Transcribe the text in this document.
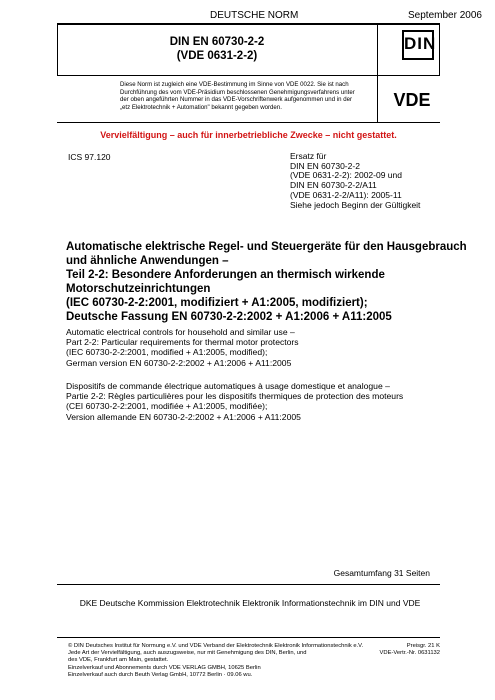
DEUTSCHE NORM	September 2006
DIN EN 60730-2-2
(VDE 0631-2-2)
DIN
Diese Norm ist zugleich eine VDE-Bestimmung im Sinne von VDE 0022. Sie ist nach
Durchführung des vom VDE-Präsidium beschlossenen Genehmigungsverfahrens unter
der oben angeführten Nummer in das VDE-Vorschriftenwerk aufgenommen und in der
„etz Elektrotechnik + Automation" bekannt gegeben worden.	VDE
Vervielfältigung – auch für innerbetriebliche Zwecke – nicht gestattet.
ICS 97.120	Ersatz für
DIN EN 60730-2-2
(VDE 0631-2-2): 2002-09 und
DIN EN 60730-2-2/A11
(VDE 0631-2-2/A11): 2005-11
Siehe jedoch Beginn der Gültigkeit
Automatische elektrische Regel- und Steuergeräte für den Hausgebrauch
und ähnliche Anwendungen –
Teil 2-2: Besondere Anforderungen an thermisch wirkende
Motorschutzeinrichtungen
(IEC 60730-2-2:2001, modifiziert + A1:2005, modifiziert);
Deutsche Fassung EN 60730-2-2:2002 + A1:2006 + A11:2005
Automatic electrical controls for household and similar use –
Part 2-2: Particular requirements for thermal motor protectors
(IEC 60730-2-2:2001, modified + A1:2005, modified);
German version EN 60730-2-2:2002 + A1:2006 + A11:2005
Dispositifs de commande électrique automatiques à usage domestique et analogue –
Partie 2-2: Règles particulières pour les dispositifs thermiques de protection des moteurs
(CEI 60730-2-2:2001, modifiée + A1:2005, modifiée);
Version allemande EN 60730-2-2:2002 + A1:2006 + A11:2005
Gesamtumfang 31 Seiten
DKE Deutsche Kommission Elektrotechnik Elektronik Informationstechnik im DIN und VDE
© DIN Deutsches Institut für Normung e.V. und VDE Verband der Elektrotechnik Elektronik Informationstechnik e.V.
Jede Art der Vervielfältigung, auch auszugsweise, nur mit Genehmigung des DIN, Berlin, und
des VDE, Frankfurt am Main, gestattet.
Einzelverkauf und Abonnements durch VDE VERLAG GMBH, 10625 Berlin
Einzelverkauf auch durch Beuth Verlag GmbH, 10772 Berlin · 09.06 wu.
Preisgr. 21 K
VDE-Vertr.-Nr. 0631132
